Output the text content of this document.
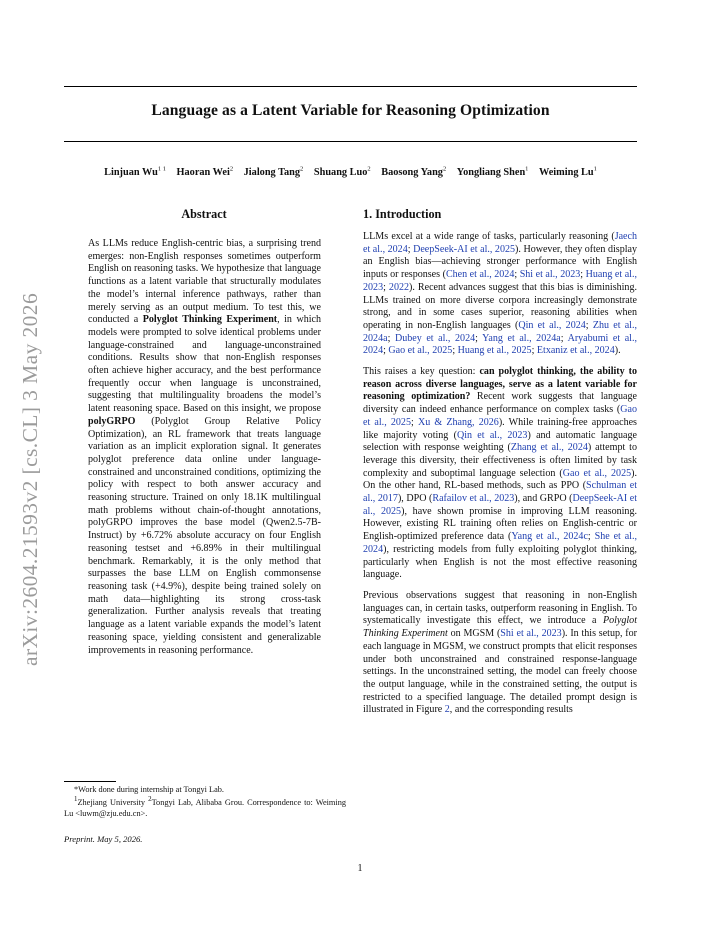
Language as a Latent Variable for Reasoning Optimization
Linjuan $Wu^{1 1}$ Haoran Wei$^2$ Jialong Tang$^2$ Shuang Luo$^2$ Baosong Yang$^2$ Yongliang Shen$^1$ Weiming Lu$^1$
arXiv:2604.21593v2 [cs.CL] 3 May 2026
Abstract
As LLMs reduce English-centric bias, a surprising trend emerges: non-English responses sometimes outperform English on reasoning tasks. We hypothesize that language functions as a latent variable that structurally modulates the model’s internal inference pathways, rather than merely serving as an output medium. To test this, we conducted a Polyglot Thinking Experiment, in which models were prompted to solve identical problems under language-constrained and language-unconstrained conditions. Results show that non-English responses often achieve higher accuracy, and the best performance frequently occur when language is unconstrained, suggesting that multilinguality broadens the model’s latent reasoning space. Based on this insight, we propose polyGRPO (Polyglot Group Relative Policy Optimization), an RL framework that treats language variation as an implicit exploration signal. It generates polyglot preference data online under language-constrained and unconstrained conditions, optimizing the policy with respect to both answer accuracy and reasoning structure. Trained on only 18.1K multilingual math problems without chain-of-thought annotations, polyGRPO improves the base model (Qwen2.5-7B-Instruct) by +6.72% absolute accuracy on four English reasoning testset and +6.89% in their multilingual benchmark. Remarkably, it is the only method that surpasses the base LLM on English commonsense reasoning task (+4.9%), despite being trained solely on math data—highlighting its strong cross-task generalization. Further analysis reveals that treating language as a latent variable expands the model’s latent reasoning space, yielding consistent and generalizable improvements in reasoning performance.
1. Introduction

LLMs excel at a wide range of tasks, particularly reasoning (Jaech et al., 2024; DeepSeek-AI et al., 2025). However, they often display an English bias—achieving stronger performance with English inputs or responses (Chen et al., 2024; Shi et al., 2023; Huang et al., 2023; 2022). Recent advances suggest that this bias is diminishing. LLMs trained on more diverse corpora increasingly demonstrate strong, and in some cases superior, reasoning abilities when operating in non-English languages (Qin et al., 2024; Zhu et al., 2024a; Dubey et al., 2024; Yang et al., 2024a; Aryabumi et al., 2024; Gao et al., 2025; Huang et al., 2025; Etxaniz et al., 2024).

This raises a key question: can polyglot thinking, the ability to reason across diverse languages, serve as a latent variable for reasoning optimization? Recent work suggests that language diversity can indeed enhance performance on complex tasks (Gao et al., 2025; Xu & Zhang, 2026). While training-free approaches like majority voting (Qin et al., 2023) and automatic language selection with response weighting (Zhang et al., 2024) attempt to leverage this diversity, their effectiveness is often limited by task complexity and suboptimal language selection (Gao et al., 2025). On the other hand, RL-based methods, such as PPO (Schulman et al., 2017), DPO (Rafailov et al., 2023), and GRPO (DeepSeek-AI et al., 2025), have shown promise in improving LLM reasoning. However, existing RL training often relies on English-centric or English-optimized preference data (Yang et al., 2024c; She et al., 2024), restricting models from fully exploiting polyglot thinking, particularly when English is not the most effective reasoning language.

Previous observations suggest that reasoning in non-English languages can, in certain tasks, outperform reasoning in English. To systematically investigate this effect, we introduce a Polyglot Thinking Experiment on MGSM (Shi et al., 2023). In this setup, for each language in MGSM, we construct prompts that elicit responses under both unconstrained and constrained response-language settings. In the unconstrained setting, the model can freely choose the output language, while in the constrained setting, the output is restricted to a specified language. The detailed prompt design is illustrated in Figure 2, and the corresponding results

*Work done during internship at Tongyi Lab.

$^1$Zhejiang University $^2$Tongyi Lab, Alibaba Grou. Correspondence to: Weiming Lu <luwm@zju.edu.cn>.

Preprint. May 5, 2026.
1
